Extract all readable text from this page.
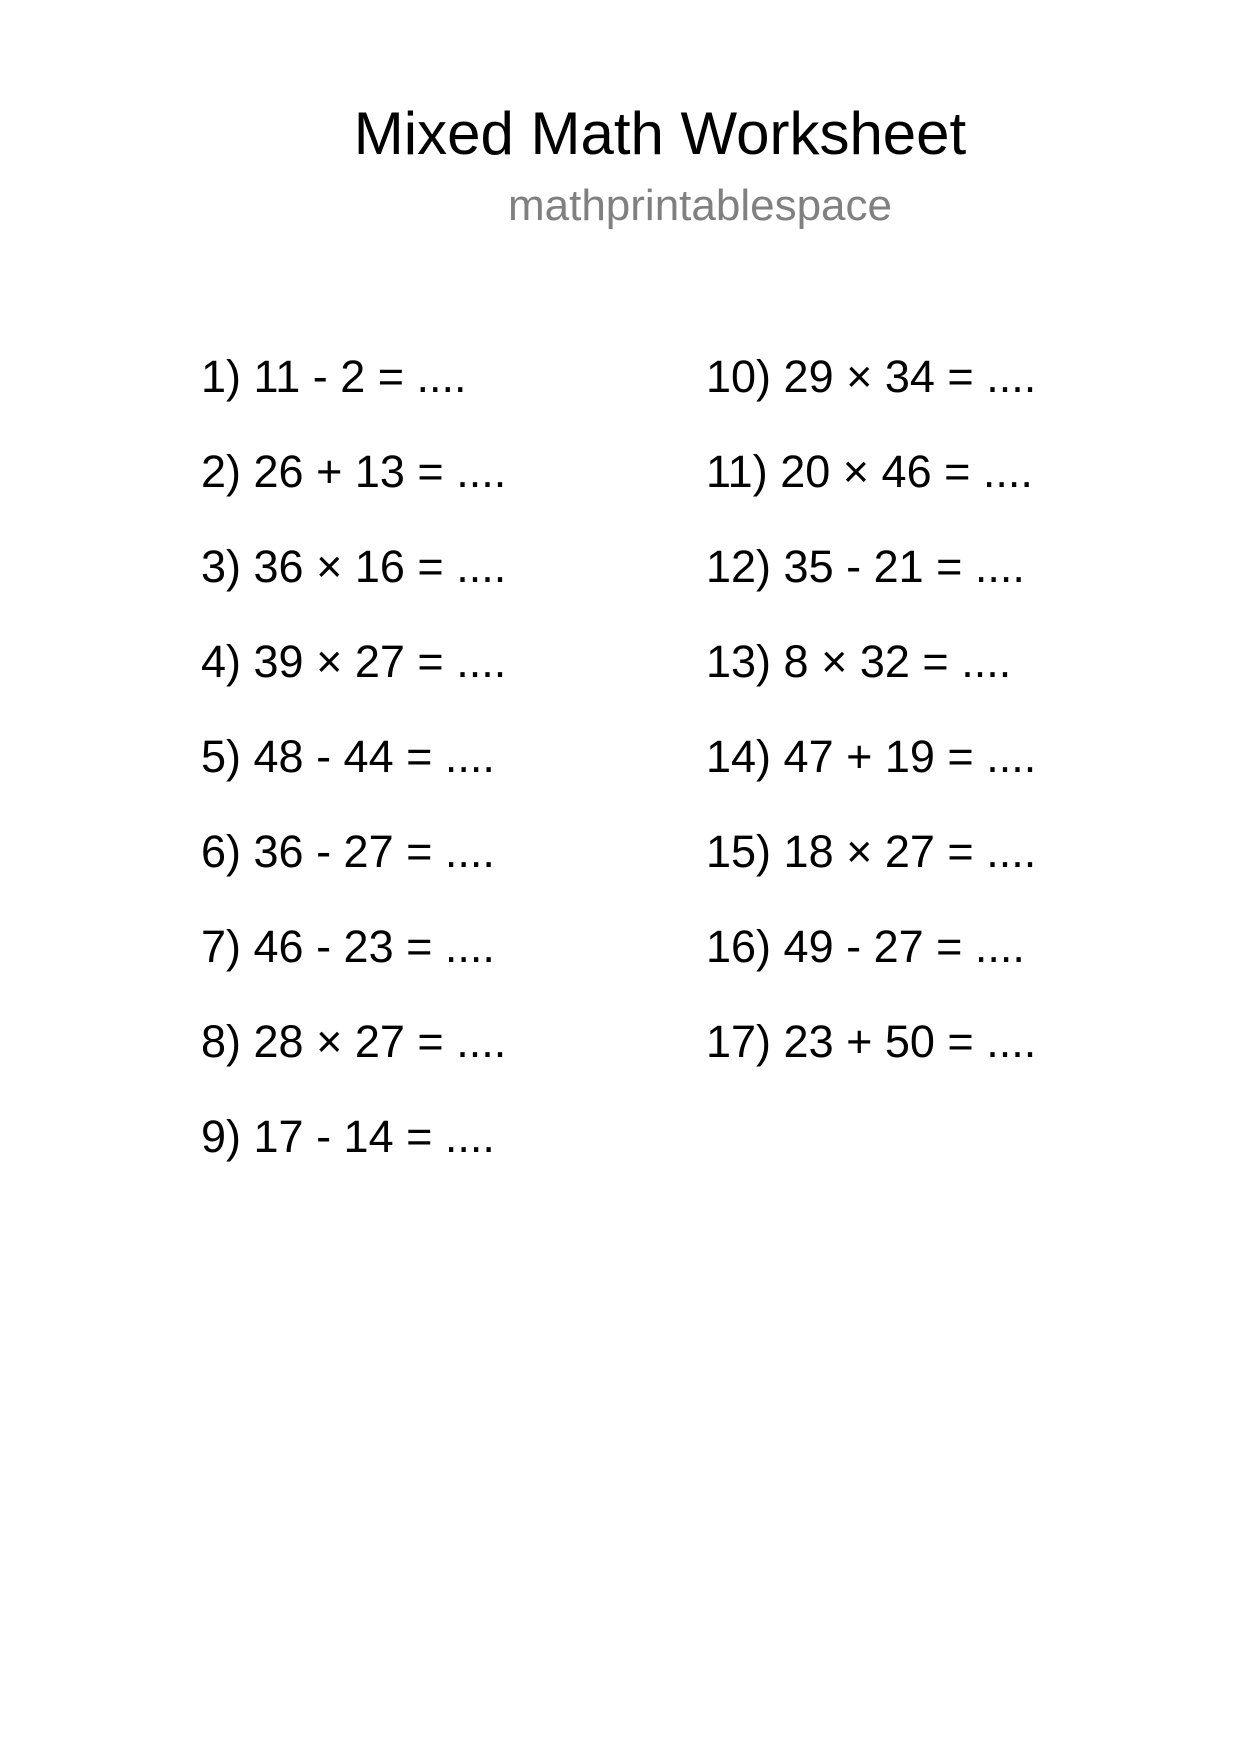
Mixed Math Worksheet
mathprintablespace
1) 11 - 2 = ....
2) 26 + 13 = ....
3) 36 × 16 = ....
4) 39 × 27 = ....
5) 48 - 44 = ....
6) 36 - 27 = ....
7) 46 - 23 = ....
8) 28 × 27 = ....
9) 17 - 14 = ....
10) 29 × 34 = ....
11) 20 × 46 = ....
12) 35 - 21 = ....
13) 8 × 32 = ....
14) 47 + 19 = ....
15) 18 × 27 = ....
16) 49 - 27 = ....
17) 23 + 50 = ....
